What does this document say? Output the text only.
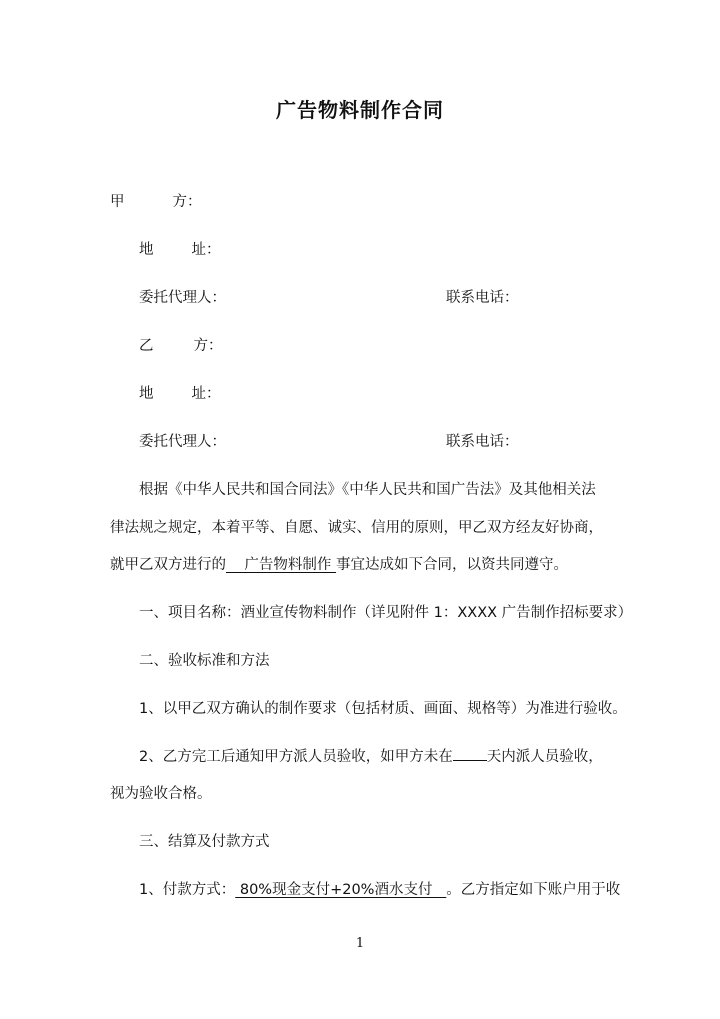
广告物料制作合同
甲	方：
地	址：
委托代理人：	联系电话：
乙	方：
地	址：
委托代理人：	联系电话：
根据《中华人民共和国合同法》《中华人民共和国广告法》及其他相关法
律法规之规定，本着平等、自愿、诚实、信用的原则，甲乙双方经友好协商，
就甲乙双方进行的    广告物料制作 事宜达成如下合同，以资共同遵守。
一、项目名称：酒业宣传物料制作（详见附件 1：XXXX 广告制作招标要求）
二、验收标准和方法
1、以甲乙双方确认的制作要求（包括材质、画面、规格等）为准进行验收。
2、乙方完工后通知甲方派人员验收，如甲方未在 天内派人员验收，
视为验收合格。
三、结算及付款方式
1、付款方式： 80%现金支付+20%酒水支付   。乙方指定如下账户用于收
1
